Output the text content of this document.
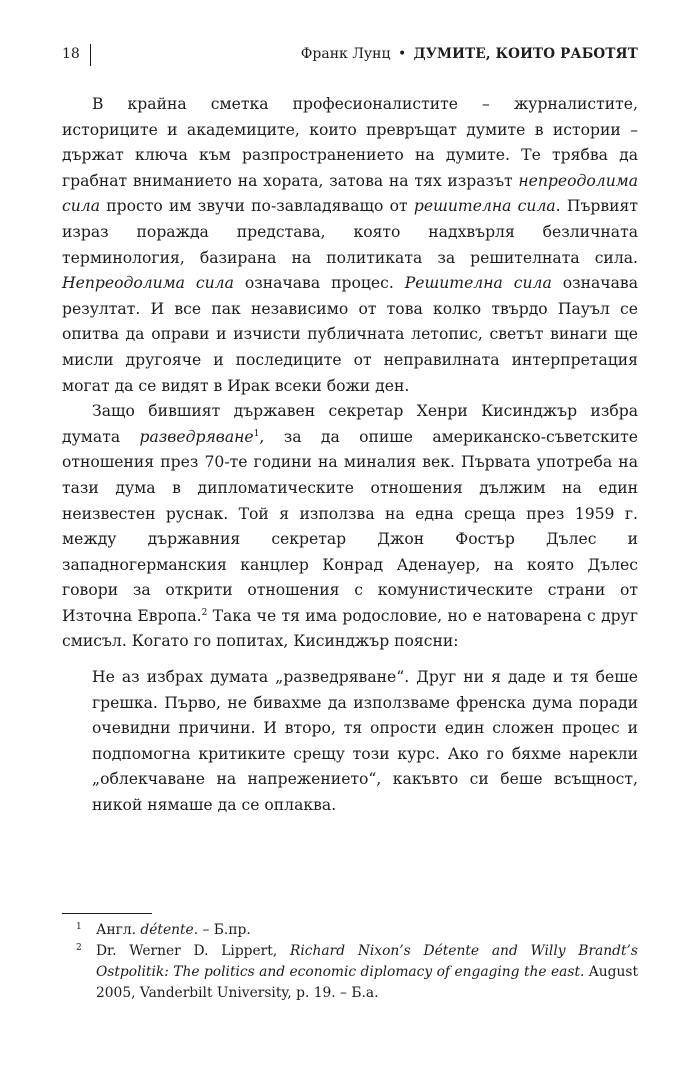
18	Франк Лунц • ДУМИТЕ, КОИТО РАБОТЯТ

В крайна сметка професионалистите – журналистите, историците и академиците, които превръщат думите в истории – държат ключа към разпространението на думите. Те трябва да грабнат вниманието на хората, затова на тях изразът непреодолима сила просто им звучи по-завладяващо от решителна сила. Първият израз поражда представа, която надхвърля безличната терминология, базирана на политиката за решителната сила. Непреодолима сила означава процес. Решителна сила означава резултат. И все пак независимо от това колко твърдо Пауъл се опитва да оправи и изчисти публичната летопис, светът винаги ще мисли другояче и последиците от неправилната интерпретация могат да се видят в Ирак всеки божи ден.

Защо бившият държавен секретар Хенри Кисинджър избра думата разведряване$^1$, за да опише американско-съветските отношения през 70-те години на миналия век. Първата употреба на тази дума в дипломатическите отношения дължим на един неизвестен руснак. Той я използва на една среща през 1959 г. между държавния секретар Джон Фостър Дълес и западногерманския канцлер Конрад Аденауер, на която Дълес говори за открити отношения с комунистическите страни от Източна Европа.$^2$ Така че тя има родословие, но е натоварена с друг смисъл. Когато го попитах, Кисинджър поясни:

Не аз избрах думата „разведряване“. Друг ни я даде и тя беше грешка. Първо, не бивахме да използваме френска дума поради очевидни причини. И второ, тя опрости един сложен процес и подпомогна критиките срещу този курс. Ако го бяхме нарекли „облекчаване на напрежението“, какъвто си беше всъщност, никой нямаше да се оплаква.

1 Англ. détente. – Б.пр.

2 Dr. Werner D. Lippert, Richard Nixon’s Détente and Willy Brandt’s Ostpolitik: The politics and economic diplomacy of engaging the east. August 2005, Vanderbilt University, p. 19. – Б.а.
